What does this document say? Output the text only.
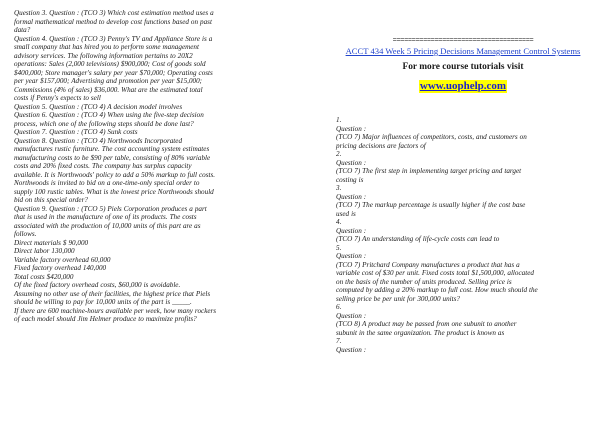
Question 3. Question : (TCO 3) Which cost estimation method uses a

formal mathematical method to develop cost functions based on past

data?

Question 4. Question : (TCO 3) Penny's TV and Appliance Store is a

small company that has hired you to perform some management

advisory services. The following information pertains to 20X2

operations: Sales (2,000 televisions) $900,000; Cost of goods sold

$400,000; Store manager's salary per year $70,000; Operating costs

per year $157,000; Advertising and promotion per year $15,000;

Commissions (4% of sales) $36,000. What are the estimated total

costs if Penny's expects to sell

Question 5. Question : (TCO 4) A decision model involves

Question 6. Question : (TCO 4) When using the five-step decision

process, which one of the following steps should be done last?

Question 7. Question : (TCO 4) Sunk costs

Question 8. Question : (TCO 4) Northwoods Incorporated

manufactures rustic furniture. The cost accounting system estimates

manufacturing costs to be $90 per table, consisting of 80% variable

costs and 20% fixed costs. The company has surplus capacity

available. It is Northwoods' policy to add a 50% markup to full costs.

Northwoods is invited to bid on a one-time-only special order to

supply 100 rustic tables. What is the lowest price Northwoods should

bid on this special order?

Question 9. Question : (TCO 5) Piels Corporation produces a part

that is used in the manufacture of one of its products. The costs

associated with the production of 10,000 units of this part are as

follows.

Direct materials $ 90,000

Direct labor 130,000

Variable factory overhead 60,000

Fixed factory overhead 140,000

Total costs $420,000

Of the fixed factory overhead costs, $60,000 is avoidable.

Assuming no other use of their facilities, the highest price that Piels

should be willing to pay for 10,000 units of the part is _____.

If there are 600 machine-hours available per week, how many rockers

of each model should Jim Helmer produce to maximize profits?

=====================================
ACCT 434 Week 5 Pricing Decisions Management Control Systems
For more course tutorials visit
www.uophelp.com

1.

Question :

(TCO 7) Major influences of competitors, costs, and customers on

pricing decisions are factors of

2.

Question :

(TCO 7) The first step in implementing target pricing and target

costing is

3.

Question :

(TCO 7) The markup percentage is usually higher if the cost base

used is

4.

Question :

(TCO 7) An understanding of life-cycle costs can lead to

5.

Question :

(TCO 7) Pritchard Company manufactures a product that has a

variable cost of $30 per unit. Fixed costs total $1,500,000, allocated

on the basis of the number of units produced. Selling price is

computed by adding a 20% markup to full cost. How much should the

selling price be per unit for 300,000 units?

6.

Question :

(TCO 8) A product may be passed from one subunit to another

subunit in the same organization. The product is known as

7.

Question :
